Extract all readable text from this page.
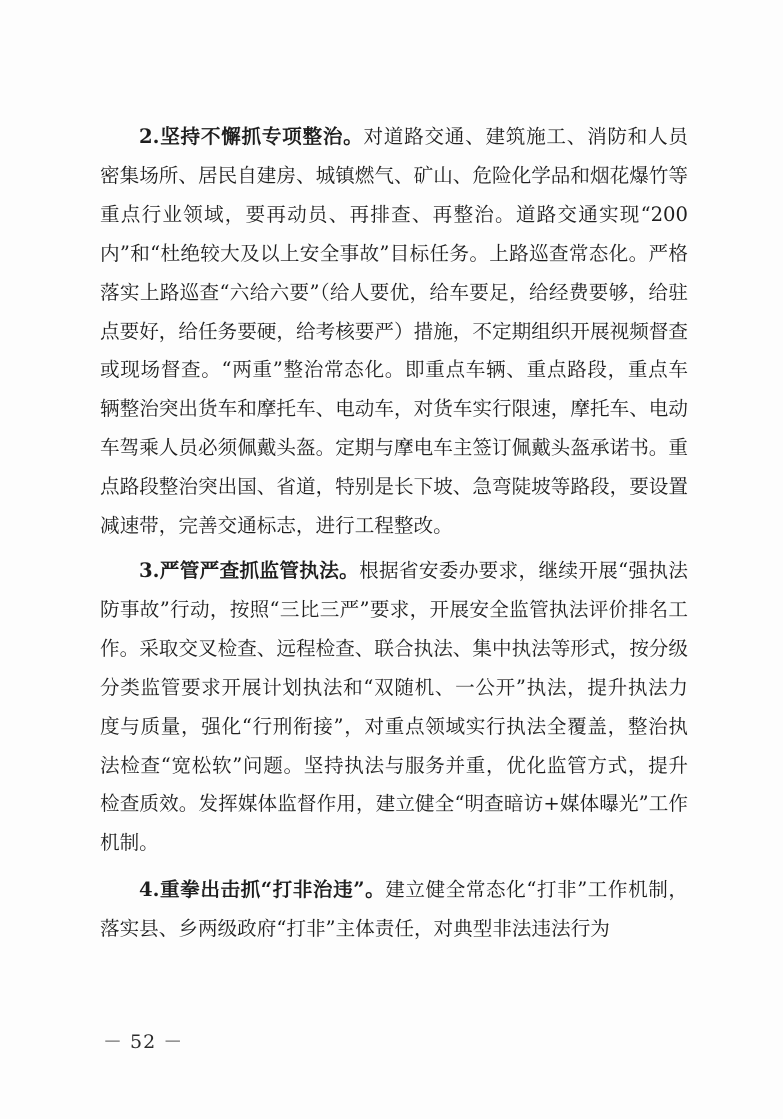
2.坚持不懈抓专项整治。对道路交通、建筑施工、消防和人员密集场所、居民自建房、城镇燃气、矿山、危险化学品和烟花爆竹等重点行业领域，要再动员、再排查、再整治。道路交通实现“200 内”和“杜绝较大及以上安全事故”目标任务。上路巡查常态化。严格落实上路巡查“六给六要”（给人要优，给车要足，给经费要够，给驻点要好，给任务要硬，给考核要严）措施，不定期组织开展视频督查或现场督查。“两重”整治常态化。即重点车辆、重点路段，重点车辆整治突出货车和摩托车、电动车，对货车实行限速，摩托车、电动车驾乘人员必须佩戴头盔。定期与摩电车主签订佩戴头盔承诺书。重点路段整治突出国、省道，特别是长下坡、急弯陡坡等路段，要设置减速带，完善交通标志，进行工程整改。

3.严管严查抓监管执法。根据省安委办要求，继续开展“强执法防事故”行动，按照“三比三严”要求，开展安全监管执法评价排名工作。采取交叉检查、远程检查、联合执法、集中执法等形式，按分级分类监管要求开展计划执法和“双随机、一公开”执法，提升执法力度与质量，强化“行刑衔接”，对重点领域实行执法全覆盖，整治执法检查“宽松软”问题。坚持执法与服务并重，优化监管方式，提升检查质效。发挥媒体监督作用，建立健全“明查暗访+媒体曝光”工作机制。

4.重拳出击抓“打非治违”。建立健全常态化“打非”工作机制，落实县、乡两级政府“打非”主体责任，对典型非法违法行为

－ 52 －
